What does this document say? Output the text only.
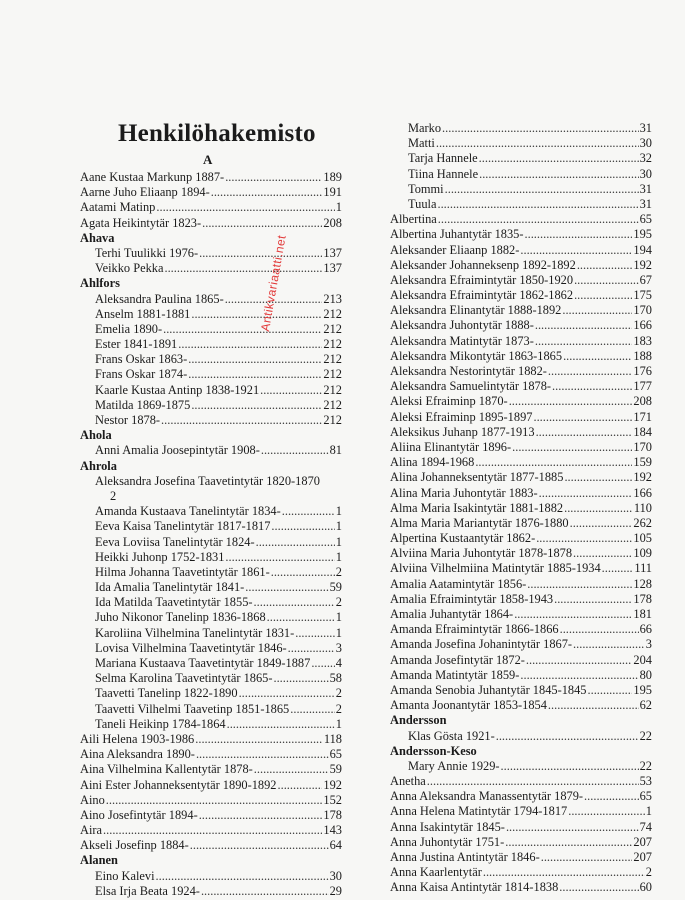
Henkilöhakemisto
A
Aane Kustaa Markunp 1887- .....	189
Aarne Juho Eliaanp 1894- .....	191
Aatami Matinp .....	1
Agata Heikintytär 1823- .....	208
Ahava
Terhi Tuulikki 1976- .....	137
Veikko Pekka .....	137
Ahlfors
Aleksandra Paulina 1865- .....	213
Anselm 1881-1881 .....	212
Emelia 1890- .....	212
Ester 1841-1891 .....	212
Frans Oskar 1863- .....	212
Frans Oskar 1874- .....	212
Kaarle Kustaa Antinp 1838-1921 .....	212
Matilda 1869-1875 .....	212
Nestor 1878- .....	212
Ahola
Anni Amalia Joosepintytär 1908- .....	81
Ahrola
Aleksandra Josefina Taavetintytär 1820-1870
2
Amanda Kustaava Tanelintytär 1834- .....	1
Eeva Kaisa Tanelintytär 1817-1817 .....	1
Eeva Loviisa Tanelintytär 1824- .....	1
Heikki Juhonp 1752-1831 .....	1
Hilma Johanna Taavetintytär 1861- .....	2
Ida Amalia Tanelintytär 1841- .....	59
Ida Matilda Taavetintytär 1855- .....	2
Juho Nikonor Tanelinp 1836-1868 .....	1
Karoliina Vilhelmina Tanelintytär 1831- .....	1
Lovisa Vilhelmina Taavetintytär 1846- .....	3
Mariana Kustaava Taavetintytär 1849-1887 ..... 4
Selma Karolina Taavetintytär 1865- .....	58
Taavetti Tanelinp 1822-1890 .....	2
Taavetti Vilhelmi Taavetinp 1851-1865 .....	2
Taneli Heikinp 1784-1864 .....	1
Aili Helena 1903-1986 .....	118
Aina Aleksandra 1890- .....	65
Aina Vilhelmina Kallentytär 1878- .....	59
Aini Ester Johanneksentytär 1890-1892 .....	192
Aino .....	152
Aino Josefintytär 1894- .....	178
Aira .....	143
Akseli Josefinp 1884- .....	64
Alanen
Eino Kalevi .....	30
Elsa Irja Beata 1924- .....	29
Marko .....	31
Matti .....	30
Tarja Hannele .....	32
Tiina Hannele .....	30
Tommi .....	31
Tuula .....	31
Albertina .....	65
Albertina Juhantytär 1835- .....	195
Aleksander Eliaanp 1882- .....	194
Aleksander Johanneksenp 1892-1892 .....	192
Aleksandra Efraimintytär 1850-1920 .....	67
Aleksandra Efraimintytär 1862-1862 .....	175
Aleksandra Elinantytär 1888-1892 .....	170
Aleksandra Juhontytär 1888- .....	166
Aleksandra Matintytär 1873- .....	183
Aleksandra Mikontytär 1863-1865 .....	188
Aleksandra Nestorintytär 1882- .....	176
Aleksandra Samuelintytär 1878- .....	177
Aleksi Efraiminp 1870- .....	208
Aleksi Efraiminp 1895-1897 .....	171
Aleksikus Juhanp 1877-1913 .....	184
Aliina Elinantytär 1896- .....	170
Alina 1894-1968 .....	159
Alina Johanneksentytär 1877-1885 .....	192
Alina Maria Juhontytär 1883- .....	166
Alma Maria Isakintytär 1881-1882 .....	110
Alma Maria Mariantytär 1876-1880 .....	262
Alpertina Kustaantytär 1862- .....	105
Alviina Maria Juhontytär 1878-1878 .....	109
Alviina Vilhelmiina Matintytär 1885-1934 .....	111
Amalia Aatamintytär 1856- .....	128
Amalia Efraimintytär 1858-1943 .....	178
Amalia Juhantytär 1864- .....	181
Amanda Efraimintytär 1866-1866 .....	66
Amanda Josefina Johanintytär 1867- .....	3
Amanda Josefintytär 1872- .....	204
Amanda Matintytär 1859- .....	80
Amanda Senobia Juhantytär 1845-1845 .....	195
Amanta Joonantytär 1853-1854 .....	62
Andersson
Klas Gösta 1921- .....	22
Andersson-Keso
Mary Annie 1929- .....	22
Anetha .....	53
Anna Aleksandra Manassentytär 1879- .....	65
Anna Helena Matintytär 1794-1817 .....	1
Anna Isakintytär 1845- .....	74
Anna Juhontytär 1751- .....	207
Anna Justina Antintytär 1846- .....	207
Anna Kaarlentytär .....	2
Anna Kaisa Antintytär 1814-1838 .....	60
Antikvariaatti.net
